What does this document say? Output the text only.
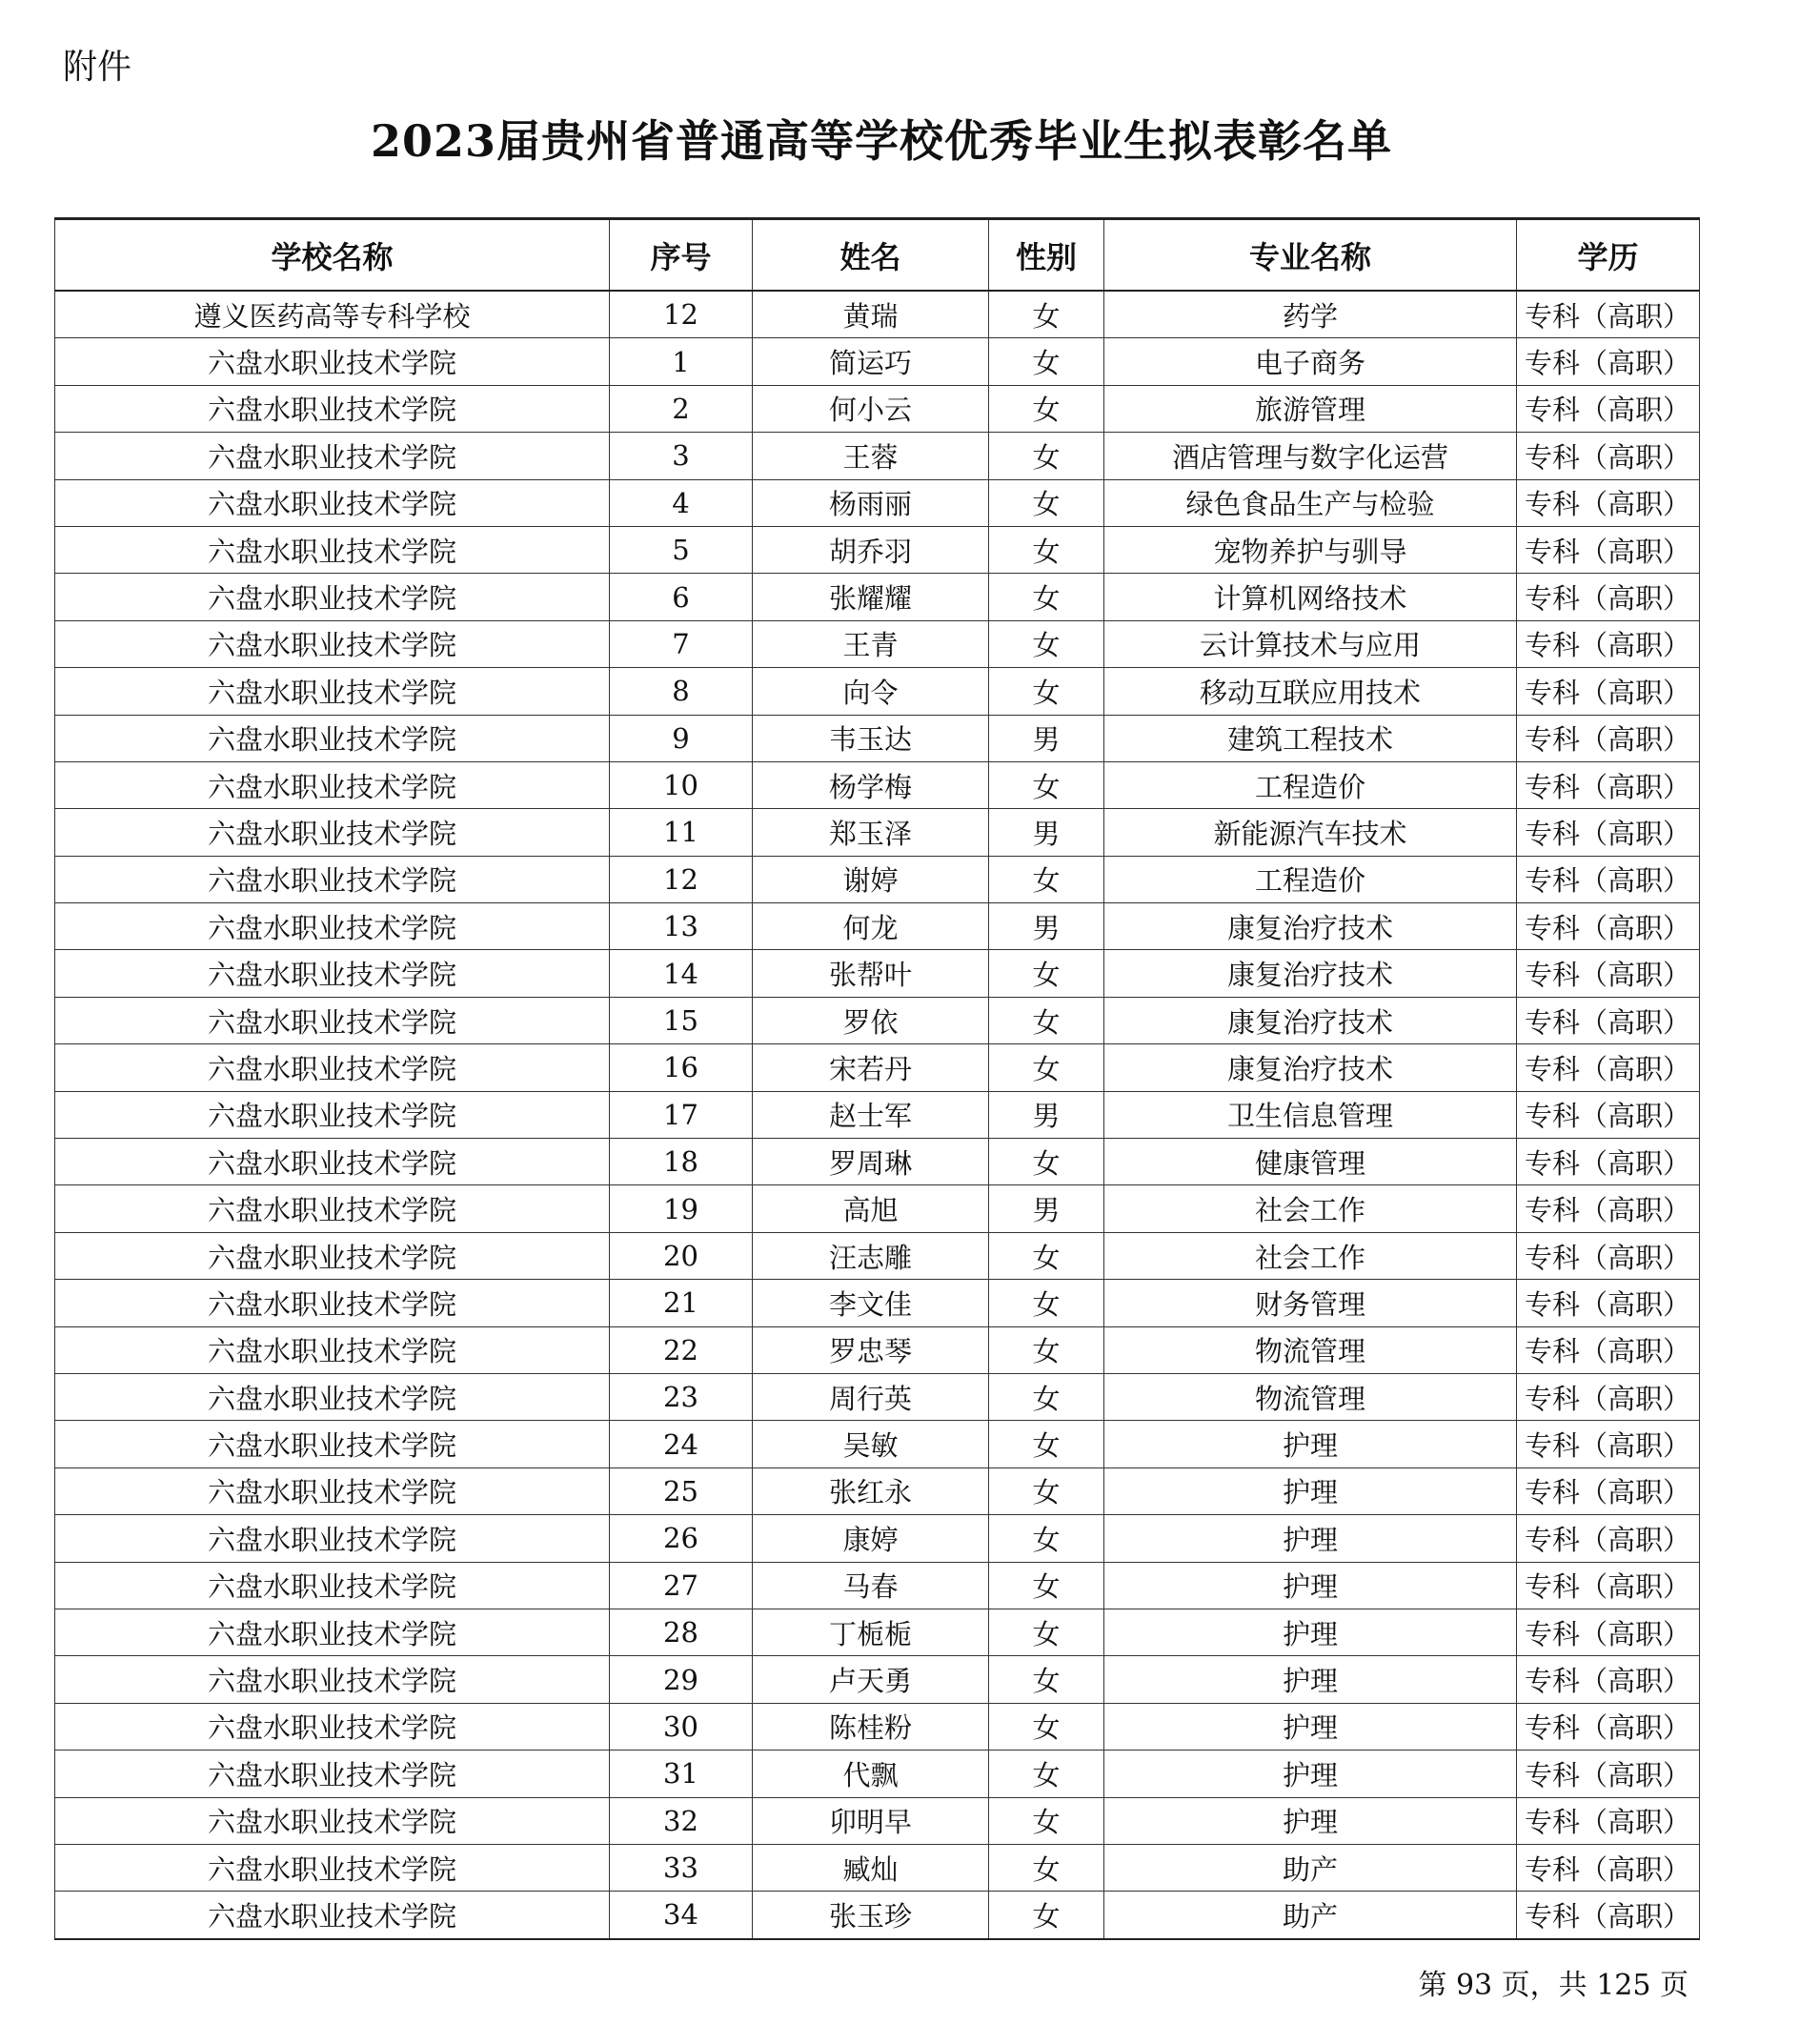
附件
2023届贵州省普通高等学校优秀毕业生拟表彰名单
学校名称	序号	姓名	性别	专业名称	学历
遵义医药高等专科学校	12	黄瑞	女	药学	专科（高职）
六盘水职业技术学院	1	简运巧	女	电子商务	专科（高职）
六盘水职业技术学院	2	何小云	女	旅游管理	专科（高职）
六盘水职业技术学院	3	王蓉	女	酒店管理与数字化运营	专科（高职）
六盘水职业技术学院	4	杨雨丽	女	绿色食品生产与检验	专科（高职）
六盘水职业技术学院	5	胡乔羽	女	宠物养护与驯导	专科（高职）
六盘水职业技术学院	6	张耀耀	女	计算机网络技术	专科（高职）
六盘水职业技术学院	7	王青	女	云计算技术与应用	专科（高职）
六盘水职业技术学院	8	向令	女	移动互联应用技术	专科（高职）
六盘水职业技术学院	9	韦玉达	男	建筑工程技术	专科（高职）
六盘水职业技术学院	10	杨学梅	女	工程造价	专科（高职）
六盘水职业技术学院	11	郑玉泽	男	新能源汽车技术	专科（高职）
六盘水职业技术学院	12	谢婷	女	工程造价	专科（高职）
六盘水职业技术学院	13	何龙	男	康复治疗技术	专科（高职）
六盘水职业技术学院	14	张帮叶	女	康复治疗技术	专科（高职）
六盘水职业技术学院	15	罗依	女	康复治疗技术	专科（高职）
六盘水职业技术学院	16	宋若丹	女	康复治疗技术	专科（高职）
六盘水职业技术学院	17	赵士军	男	卫生信息管理	专科（高职）
六盘水职业技术学院	18	罗周琳	女	健康管理	专科（高职）
六盘水职业技术学院	19	高旭	男	社会工作	专科（高职）
六盘水职业技术学院	20	汪志雕	女	社会工作	专科（高职）
六盘水职业技术学院	21	李文佳	女	财务管理	专科（高职）
六盘水职业技术学院	22	罗忠琴	女	物流管理	专科（高职）
六盘水职业技术学院	23	周行英	女	物流管理	专科（高职）
六盘水职业技术学院	24	吴敏	女	护理	专科（高职）
六盘水职业技术学院	25	张红永	女	护理	专科（高职）
六盘水职业技术学院	26	康婷	女	护理	专科（高职）
六盘水职业技术学院	27	马春	女	护理	专科（高职）
六盘水职业技术学院	28	丁栀栀	女	护理	专科（高职）
六盘水职业技术学院	29	卢天勇	女	护理	专科（高职）
六盘水职业技术学院	30	陈桂粉	女	护理	专科（高职）
六盘水职业技术学院	31	代飘	女	护理	专科（高职）
六盘水职业技术学院	32	卯明早	女	护理	专科（高职）
六盘水职业技术学院	33	臧灿	女	助产	专科（高职）
六盘水职业技术学院	34	张玉珍	女	助产	专科（高职）
第 93 页，共 125 页
